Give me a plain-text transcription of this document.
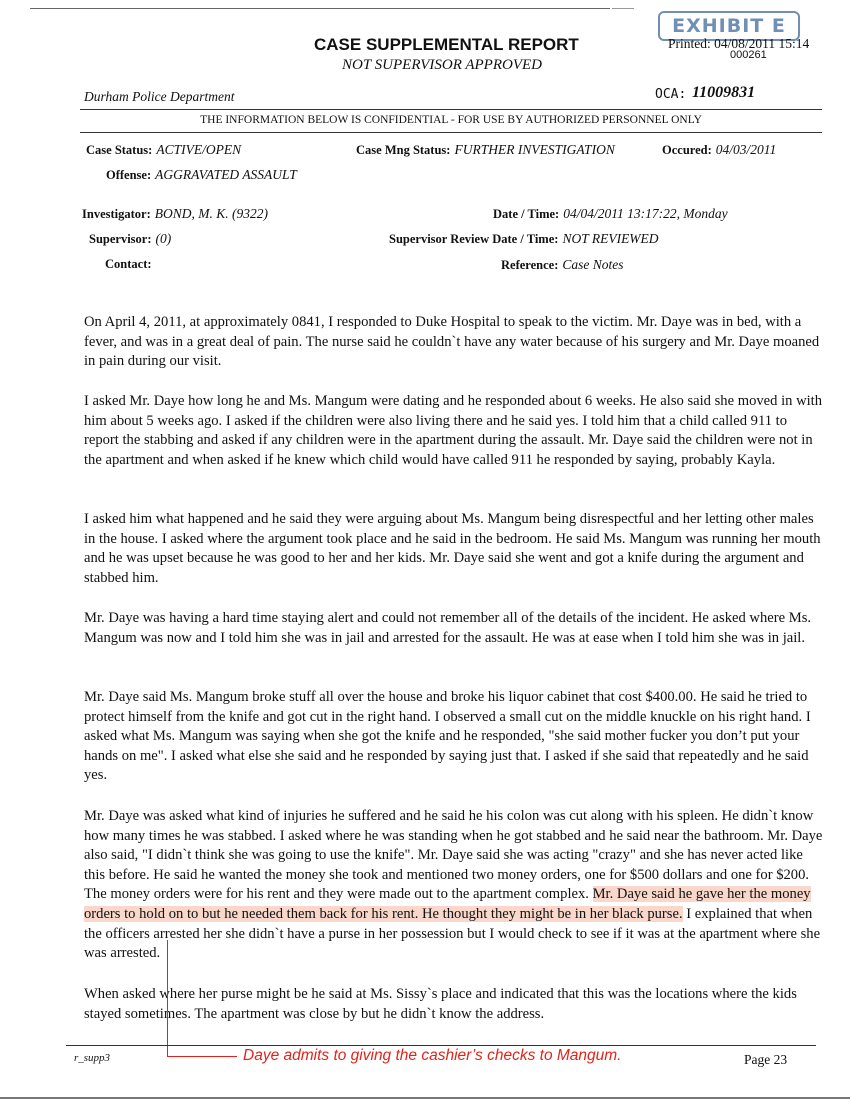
EXHIBIT E
Printed: 04/08/2011 15:14
000261
CASE SUPPLEMENTAL REPORT
NOT SUPERVISOR APPROVED
Durham Police Department	OCA: 11009831
THE INFORMATION BELOW IS CONFIDENTIAL - FOR USE BY AUTHORIZED PERSONNEL ONLY
Case Status: ACTIVE/OPEN	Case Mng Status: FURTHER INVESTIGATION	Occured: 04/03/2011
Offense: AGGRAVATED ASSAULT
Investigator: BOND, M. K. (9322)	Date / Time: 04/04/2011 13:17:22, Monday
Supervisor: (0)	Supervisor Review Date / Time: NOT REVIEWED
Contact:	Reference: Case Notes

On April 4, 2011, at approximately 0841, I responded to Duke Hospital to speak to the victim. Mr. Daye was in bed, with a fever, and was in a great deal of pain. The nurse said he couldn`t have any water because of his surgery and Mr. Daye moaned in pain during our visit.

I asked Mr. Daye how long he and Ms. Mangum were dating and he responded about 6 weeks. He also said she moved in with him about 5 weeks ago. I asked if the children were also living there and he said yes. I told him that a child called 911 to report the stabbing and asked if any children were in the apartment during the assault. Mr. Daye said the children were not in the apartment and when asked if he knew which child would have called 911 he responded by saying, probably Kayla.

I asked him what happened and he said they were arguing about Ms. Mangum being disrespectful and her letting other males in the house. I asked where the argument took place and he said in the bedroom. He said Ms. Mangum was running her mouth and he was upset because he was good to her and her kids. Mr. Daye said she went and got a knife during the argument and stabbed him.

Mr. Daye was having a hard time staying alert and could not remember all of the details of the incident. He asked where Ms. Mangum was now and I told him she was in jail and arrested for the assault. He was at ease when I told him she was in jail.

Mr. Daye said Ms. Mangum broke stuff all over the house and broke his liquor cabinet that cost $400.00. He said he tried to protect himself from the knife and got cut in the right hand. I observed a small cut on the middle knuckle on his right hand. I asked what Ms. Mangum was saying when she got the knife and he responded, "she said mother fucker you don’t put your hands on me". I asked what else she said and he responded by saying just that. I asked if she said that repeatedly and he said yes.

Mr. Daye was asked what kind of injuries he suffered and he said he his colon was cut along with his spleen. He didn`t know how many times he was stabbed. I asked where he was standing when he got stabbed and he said near the bathroom. Mr. Daye also said, "I didn`t think she was going to use the knife". Mr. Daye said she was acting "crazy" and she has never acted like this before. He said he wanted the money she took and mentioned two money orders, one for $500 dollars and one for $200. The money orders were for his rent and they were made out to the apartment complex. Mr. Daye said he gave her the money orders to hold on to but he needed them back for his rent. He thought they might be in her black purse. I explained that when the officers arrested her she didn`t have a purse in her possession but I would check to see if it was at the apartment where she was arrested.

When asked where her purse might be he said at Ms. Sissy`s place and indicated that this was the locations where the kids stayed sometimes. The apartment was close by but he didn`t know the address.

r_supp3	Daye admits to giving the cashier’s checks to Mangum.	Page 23
